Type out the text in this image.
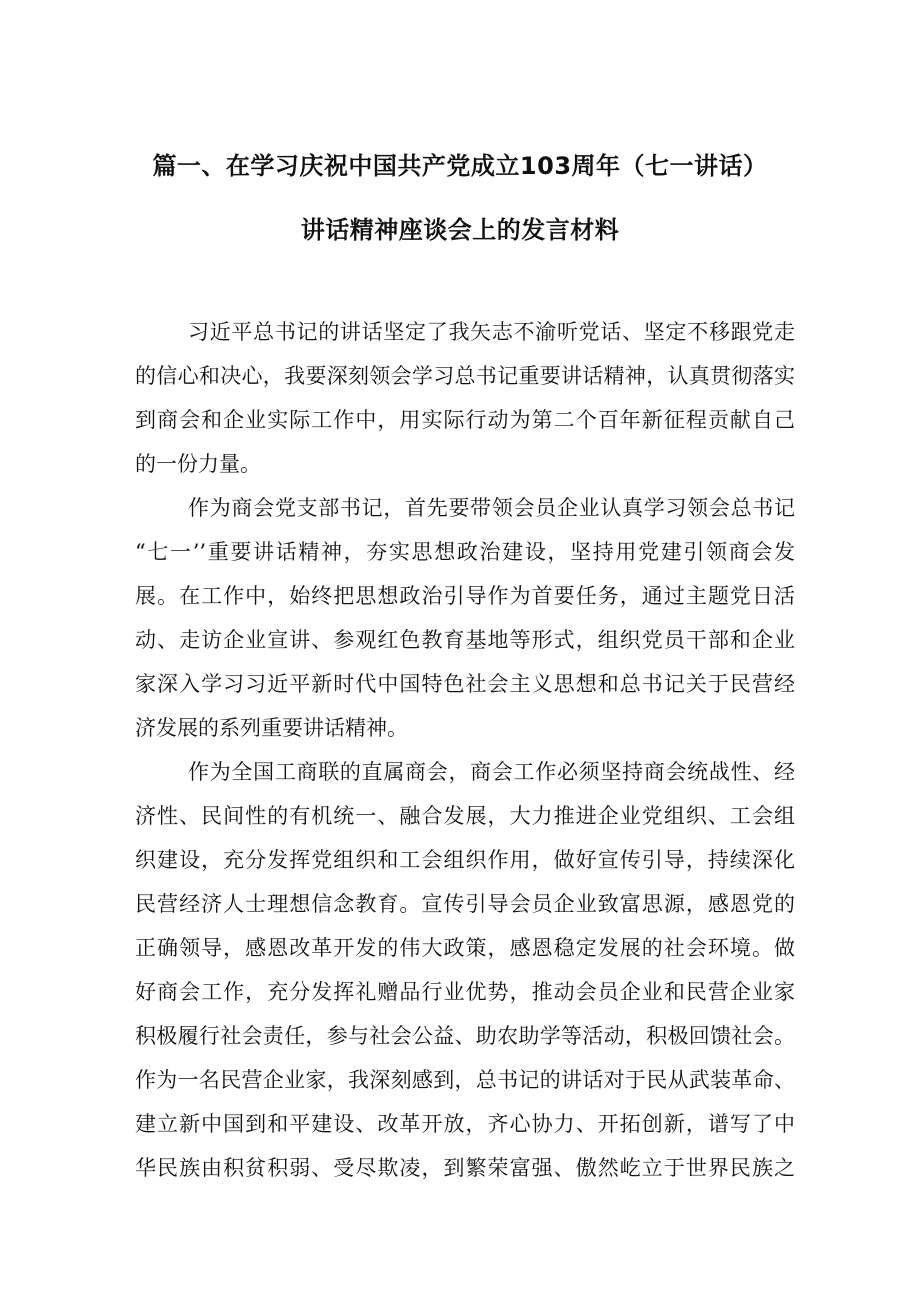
篇一、在学习庆祝中国共产党成立103周年（七一讲话）
讲话精神座谈会上的发言材料
习近平总书记的讲话坚定了我矢志不渝听党话、坚定不移跟党走
的信心和决心，我要深刻领会学习总书记重要讲话精神，认真贯彻落实
到商会和企业实际工作中，用实际行动为第二个百年新征程贡献自己
的一份力量。
作为商会党支部书记，首先要带领会员企业认真学习领会总书记
“七一’’重要讲话精神，夯实思想政治建设，坚持用党建引领商会发
展。在工作中，始终把思想政治引导作为首要任务，通过主题党日活
动、走访企业宣讲、参观红色教育基地等形式，组织党员干部和企业
家深入学习习近平新时代中国特色社会主义思想和总书记关于民营经
济发展的系列重要讲话精神。
作为全国工商联的直属商会，商会工作必须坚持商会统战性、经
济性、民间性的有机统一、融合发展，大力推进企业党组织、工会组
织建设，充分发挥党组织和工会组织作用，做好宣传引导，持续深化
民营经济人士理想信念教育。宣传引导会员企业致富思源，感恩党的
正确领导，感恩改革开发的伟大政策，感恩稳定发展的社会环境。做
好商会工作，充分发挥礼赠品行业优势，推动会员企业和民营企业家
积极履行社会责任，参与社会公益、助农助学等活动，积极回馈社会。
作为一名民营企业家，我深刻感到，总书记的讲话对于民从武装革命、
建立新中国到和平建设、改革开放，齐心协力、开拓创新，谱写了中
华民族由积贫积弱、受尽欺凌，到繁荣富强、傲然屹立于世界民族之
